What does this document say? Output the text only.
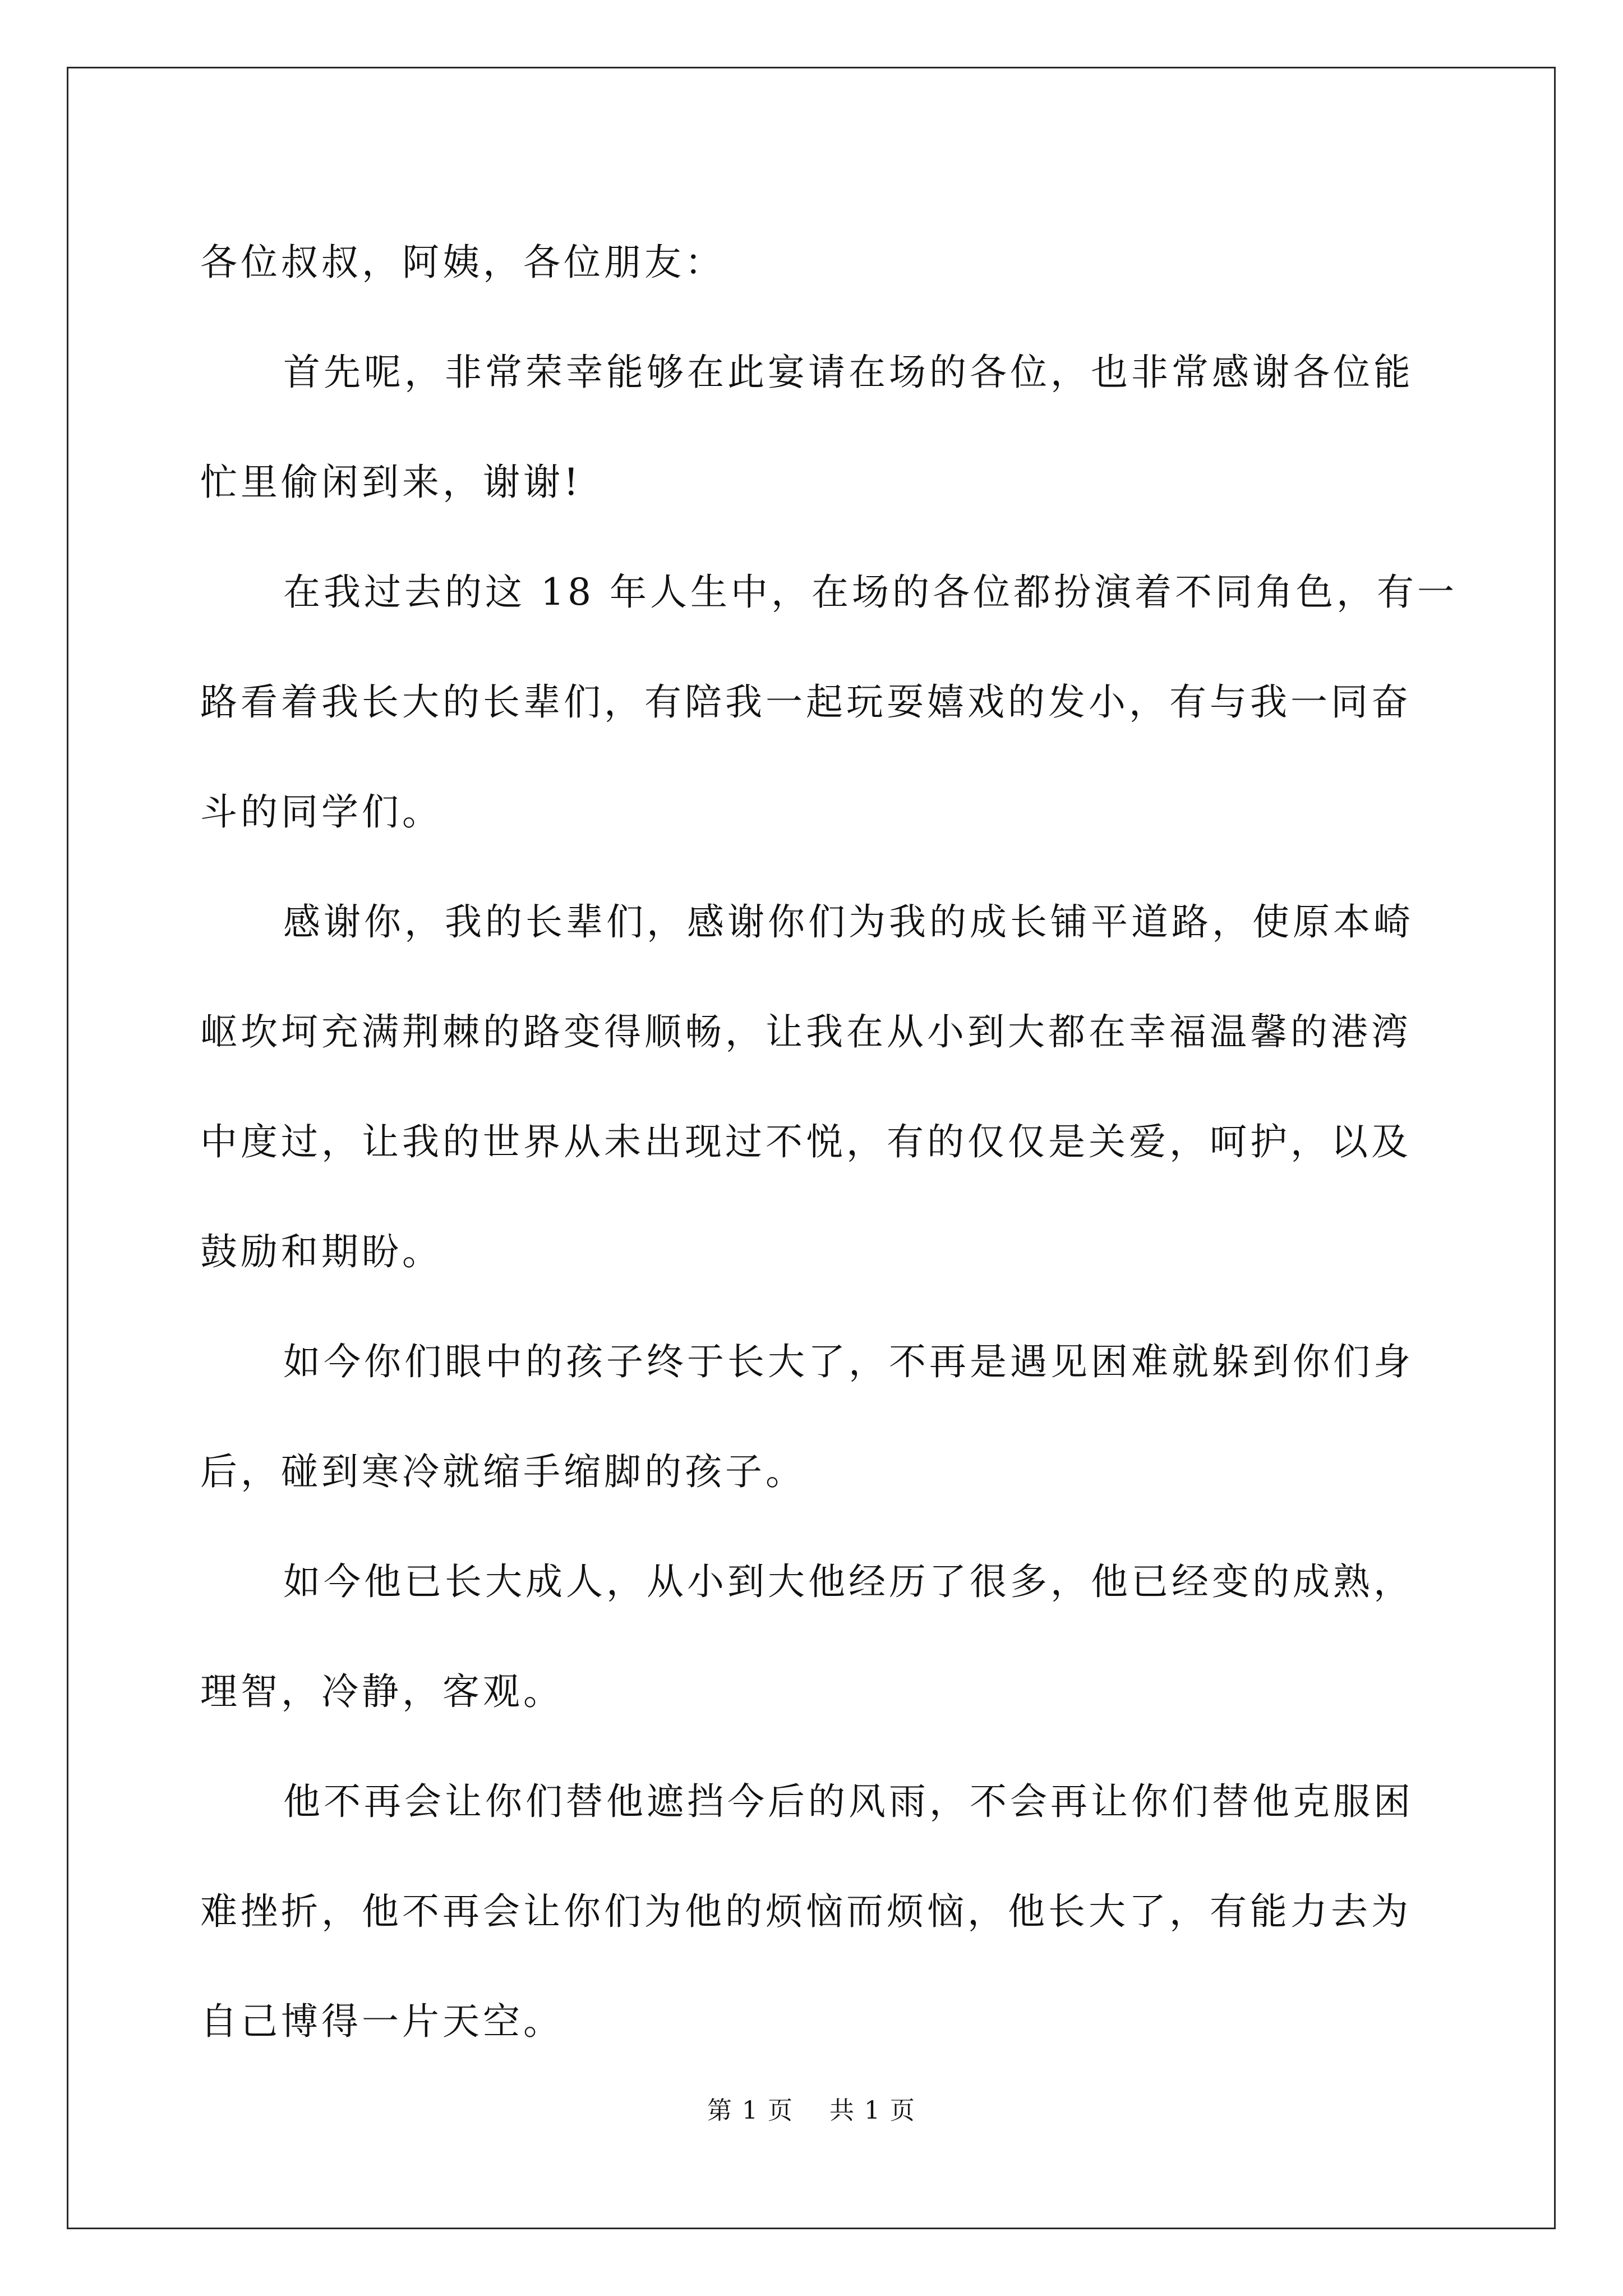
各位叔叔，阿姨，各位朋友：

首先呢，非常荣幸能够在此宴请在场的各位，也非常感谢各位能
忙里偷闲到来，谢谢!

在我过去的这 18 年人生中，在场的各位都扮演着不同角色，有一
路看着我长大的长辈们，有陪我一起玩耍嬉戏的发小，有与我一同奋
斗的同学们。

感谢你，我的长辈们，感谢你们为我的成长铺平道路，使原本崎
岖坎坷充满荆棘的路变得顺畅，让我在从小到大都在幸福温馨的港湾
中度过，让我的世界从未出现过不悦，有的仅仅是关爱，呵护，以及
鼓励和期盼。

如今你们眼中的孩子终于长大了，不再是遇见困难就躲到你们身
后，碰到寒冷就缩手缩脚的孩子。

如今他已长大成人，从小到大他经历了很多，他已经变的成熟，
理智，冷静，客观。

他不再会让你们替他遮挡今后的风雨，不会再让你们替他克服困
难挫折，他不再会让你们为他的烦恼而烦恼，他长大了，有能力去为
自己博得一片天空。

第 1 页 共 1 页
